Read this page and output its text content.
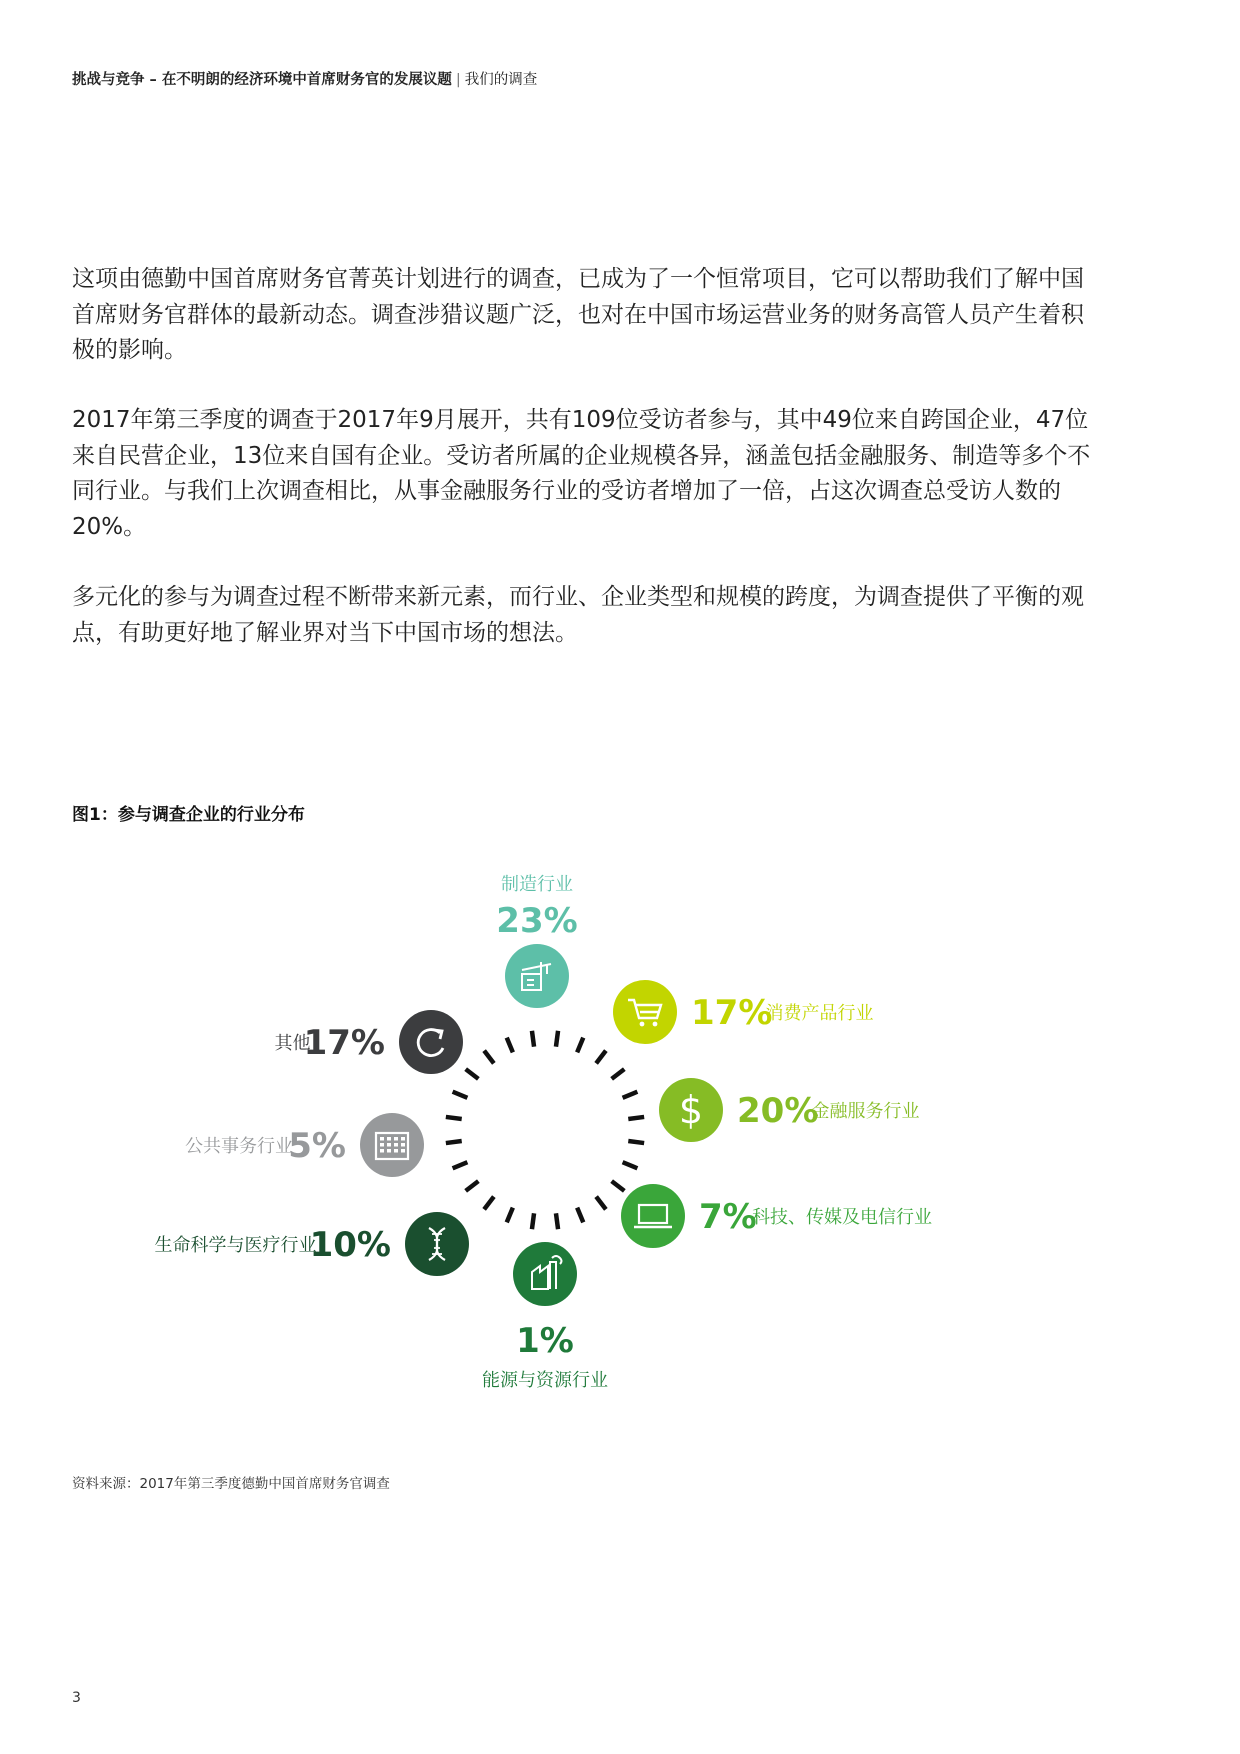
挑战与竞争 – 在不明朗的经济环境中首席财务官的发展议题 | 我们的调查

这项由德勤中国首席财务官菁英计划进行的调查，已成为了一个恒常项目，它可以帮助我们了解中国首席财务官群体的最新动态。调查涉猎议题广泛，也对在中国市场运营业务的财务高管人员产生着积极的影响。

2017年第三季度的调查于2017年9月展开，共有109位受访者参与，其中49位来自跨国企业，47位来自民营企业，13位来自国有企业。受访者所属的企业规模各异，涵盖包括金融服务、制造等多个不同行业。与我们上次调查相比，从事金融服务行业的受访者增加了一倍，占这次调查总受访人数的20%。

多元化的参与为调查过程不断带来新元素，而行业、企业类型和规模的跨度，为调查提供了平衡的观点，有助更好地了解业界对当下中国市场的想法。

图1：参与调查企业的行业分布
制造行业
23%
17%
消费产品行业
$ 20%
金融服务行业
7%
科技、传媒及电信行业
1%
能源与资源行业
10%
生命科学与医疗行业
5%
公共事务行业
17%
其他
资料来源：2017年第三季度德勤中国首席财务官调查
3
